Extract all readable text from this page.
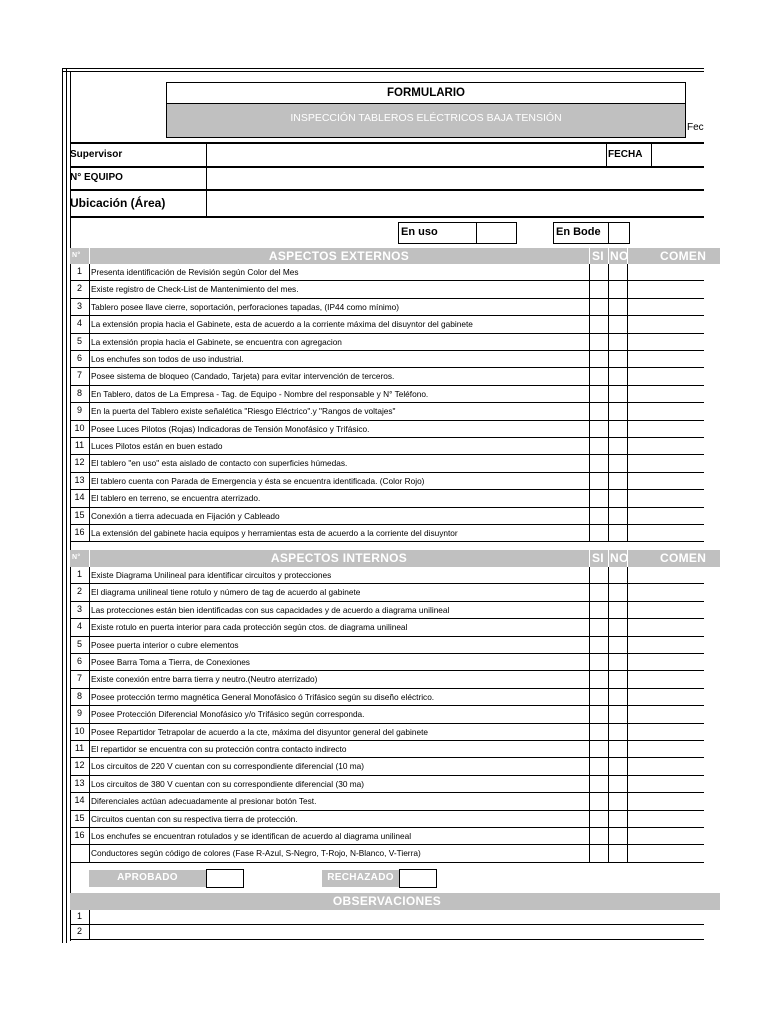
FORMULARIO
INSPECCIÓN TABLEROS ELÉCTRICOS BAJA TENSIÓN
Fec
Supervisor	FECHA
N° EQUIPO
Ubicación (Área)
En uso	En Bode
N°	ASPECTOS EXTERNOS	SI NO	COMEN
1	Presenta identificación de Revisión según Color del Mes
2	Existe registro de Check-List de Mantenimiento del mes.
3	Tablero posee llave cierre, soportación, perforaciones tapadas, (IP44 como mínimo)
4	La extensión propia hacia el Gabinete, esta de acuerdo a la corriente máxima del disuyntor del gabinete
5	La extensión propia hacia el Gabinete, se encuentra con agregacion
6	Los enchufes son todos de uso industrial.
7	Posee sistema de bloqueo (Candado, Tarjeta) para evitar intervención de terceros.
8	En Tablero, datos de La Empresa - Tag. de Equipo - Nombre del responsable y N° Teléfono.
9	En la puerta del Tablero existe señalética "Riesgo Eléctrico".y "Rangos de voltajes"
10 Posee Luces Pilotos (Rojas) Indicadoras de Tensión Monofásico y Trifásico.
11 Luces Pilotos están en buen estado
12 El tablero "en uso" esta aislado de contacto con superficies húmedas.
13 El tablero cuenta con Parada de Emergencia y ésta se encuentra identificada. (Color Rojo)
14 El tablero en terreno, se encuentra aterrizado.
15 Conexión a tierra adecuada en Fijación y Cableado
16 La extensión del gabinete hacia equipos y herramientas esta de acuerdo a la corriente del disuyntor
N°	ASPECTOS INTERNOS	SI NO	COMEN
1	Existe Diagrama Unilineal para identificar circuitos y protecciones
2	El diagrama unilineal tiene rotulo y número de tag de acuerdo al gabinete
3	Las protecciones están bien identificadas con sus capacidades y de acuerdo a diagrama unilineal
4	Existe rotulo en puerta interior para cada protección según ctos. de diagrama unilineal
5	Posee puerta interior o cubre elementos
6	Posee Barra Toma a Tierra, de Conexiones
7	Existe conexión entre barra tierra y neutro.(Neutro aterrizado)
8	Posee protección termo magnética General Monofásico ó Trifásico según su diseño eléctrico.
9	Posee Protección Diferencial Monofásico y/o Trifásico según corresponda.
10 Posee Repartidor Tetrapolar de acuerdo a la cte, máxima del disyuntor general del gabinete
11 El repartidor se encuentra con su protección contra contacto indirecto
12 Los circuitos de 220 V cuentan con su correspondiente diferencial (10 ma)
13 Los circuitos de 380 V cuentan con su correspondiente diferencial (30 ma)
14 Diferenciales actúan adecuadamente al presionar botón Test.
15 Circuitos cuentan con su respectiva tierra de protección.
16 Los enchufes se encuentran rotulados y se identifican de acuerdo al diagrama unilineal
Conductores según código de colores (Fase R-Azul, S-Negro, T-Rojo, N-Blanco, V-Tierra)
APROBADO	RECHAZADO
OBSERVACIONES
1
2
